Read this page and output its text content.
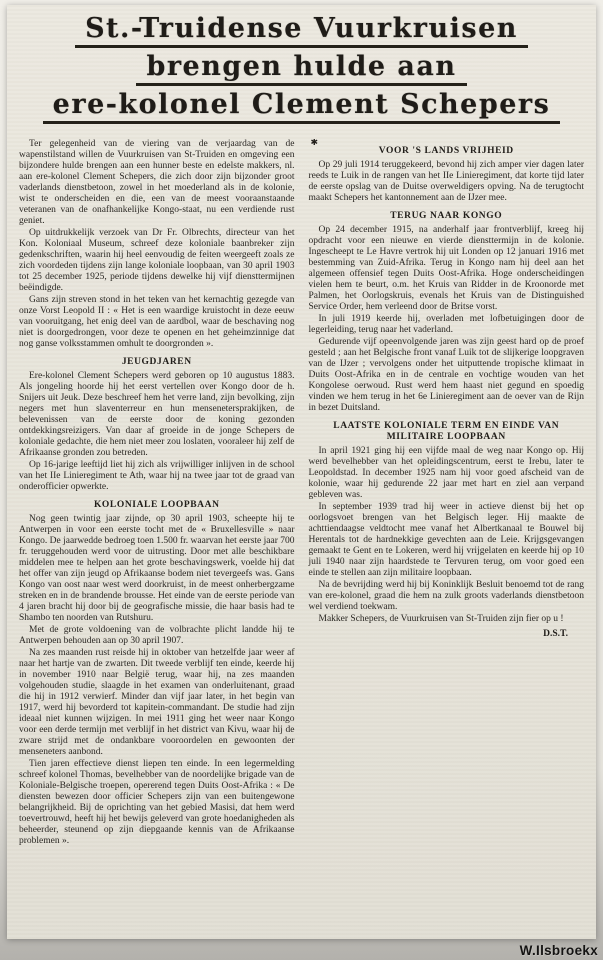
St.-Truidense Vuurkruisen
brengen hulde aan
ere-kolonel Clement Schepers

Ter gelegenheid van de viering van de verjaardag van de wapenstilstand willen de Vuurkruisen van St-Truiden en omgeving een bijzondere hulde brengen aan een hunner beste en edelste makkers, nl. aan ere-kolonel Clement Schepers, die zich door zijn bijzonder groot vaderlands dienstbetoon, zowel in het moederland als in de kolonie, wist te onderscheiden en die, een van de meest vooraanstaande veteranen van de onafhankelijke Kongo-staat, nu een verdiende rust geniet.

Op uitdrukkelijk verzoek van Dr Fr. Olbrechts, directeur van het Kon. Koloniaal Museum, schreef deze koloniale baanbreker zijn gedenkschriften, waarin hij heel eenvoudig de feiten weergeeft zoals ze zich voordeden tijdens zijn lange koloniale loopbaan, van 30 april 1903 tot 25 december 1925, periode tijdens dewelke hij vijf diensttermijnen beëindigde.

Gans zijn streven stond in het teken van het kernachtig gezegde van onze Vorst Leopold II : « Het is een waardige kruistocht in deze eeuw van vooruitgang, het enig deel van de aardbol, waar de beschaving nog niet is doorgedrongen, voor deze te openen en het geheimzinnige dat nog ganse volksstammen omhult te doorgronden ».

JEUGDJAREN

Ere-kolonel Clement Schepers werd geboren op 10 augustus 1883. Als jongeling hoorde hij het eerst vertellen over Kongo door de h. Snijers uit Jeuk. Deze beschreef hem het verre land, zijn bevolking, zijn negers met hun slaventerreur en hun mensenetersprakijken, de belevenissen van de eerste door de koning gezonden ontdekkingsreizigers. Van daar af groeide in de jonge Schepers de koloniale gedachte, die hem niet meer zou loslaten, vooraleer hij zelf de Afrikaanse gronden zou betreden.

Op 16-jarige leeftijd liet hij zich als vrijwilliger inlijven in de school van het IIe Linieregiment te Ath, waar hij na twee jaar tot de graad van onderofficier opwerkte.

KOLONIALE LOOPBAAN

Nog geen twintig jaar zijnde, op 30 april 1903, scheepte hij te Antwerpen in voor een eerste tocht met de « Bruxellesville » naar Kongo. De jaarwedde bedroeg toen 1.500 fr. waarvan het eerste jaar 700 fr. teruggehouden werd voor de uitrusting. Door met alle beschikbare middelen mee te helpen aan het grote beschavingswerk, voelde hij dat het offer van zijn jeugd op Afrikaanse bodem niet tevergeefs was. Gans Kongo van oost naar west werd doorkruist, in de meest onherbergzame streken en in de brandende brousse. Het einde van de eerste periode van 4 jaren bracht hij door bij de geografische missie, die haar basis had te Shambo ten noorden van Rutshuru.

Met de grote voldoening van de volbrachte plicht landde hij te Antwerpen behouden aan op 30 april 1907.

Na zes maanden rust reisde hij in oktober van hetzelfde jaar weer af naar het hartje van de zwarten. Dit tweede verblijf ten einde, keerde hij in november 1910 naar België terug, waar hij, na zes maanden volgehouden studie, slaagde in het examen van onderluitenant, graad die hij in 1912 verwierf. Minder dan vijf jaar later, in het begin van 1917, werd hij bevorderd tot kapitein-commandant. De studie had zijn ideaal niet kunnen wijzigen. In mei 1911 ging het weer naar Kongo voor een derde termijn met verblijf in het district van Kivu, waar hij de zware strijd met de ondankbare vooroordelen en gewoonten der menseneters aanbond.

Tien jaren effectieve dienst liepen ten einde. In een legermelding schreef kolonel Thomas, bevelhebber van de noordelijke brigade van de Koloniale-Belgische troepen, opererend tegen Duits Oost-Afrika : « De diensten bewezen door officier Schepers zijn van een buitengewone belangrijkheid. Bij de oprichting van het gebied Masisi, dat hem werd toevertrouwd, heeft hij het bewijs geleverd van grote hoedanigheden als beheerder, steunend op zijn diepgaande kennis van de Afrikaanse problemen ».

✱
VOOR 'S LANDS VRIJHEID

Op 29 juli 1914 teruggekeerd, bevond hij zich amper vier dagen later reeds te Luik in de rangen van het IIe Linieregiment, dat korte tijd later de eerste opslag van de Duitse overweldigers opving. Na de terugtocht maakt Schepers het kantonnement aan de IJzer mee.

TERUG NAAR KONGO

Op 24 december 1915, na anderhalf jaar frontverblijf, kreeg hij opdracht voor een nieuwe en vierde diensttermijn in de kolonie. Ingescheept te Le Havre vertrok hij uit Londen op 12 januari 1916 met bestemming van Zuid-Afrika. Terug in Kongo nam hij deel aan het algemeen offensief tegen Duits Oost-Afrika. Hoge onderscheidingen vielen hem te beurt, o.m. het Kruis van Ridder in de Kroonorde met Palmen, het Oorlogskruis, evenals het Kruis van de Distinguished Service Order, hem verleend door de Britse vorst.

In juli 1919 keerde hij, overladen met lofbetuigingen door de legerleiding, terug naar het vaderland.

Gedurende vijf opeenvolgende jaren was zijn geest hard op de proef gesteld ; aan het Belgische front vanaf Luik tot de slijkerige loopgraven van de IJzer ; vervolgens onder het uitputtende tropische klimaat in Duits Oost-Afrika en in de centrale en vochtige wouden van het Kongolese oerwoud. Rust werd hem haast niet gegund en spoedig vinden we hem terug in het 6e Linieregiment aan de oever van de Rijn in bezet Duitsland.

LAATSTE KOLONIALE TERM EN EINDE VAN MILITAIRE LOOPBAAN

In april 1921 ging hij een vijfde maal de weg naar Kongo op. Hij werd bevelhebber van het opleidingscentrum, eerst te Irebu, later te Leopoldstad. In december 1925 nam hij voor goed afscheid van de kolonie, waar hij gedurende 22 jaar met hart en ziel aan verpand gebleven was.

In september 1939 trad hij weer in actieve dienst bij het op oorlogsvoet brengen van het Belgisch leger. Hij maakte de achttiendaagse veldtocht mee vanaf het Albertkanaal te Bouwel bij Herentals tot de hardnekkige gevechten aan de Leie. Krijgsgevangen gemaakt te Gent en te Lokeren, werd hij vrijgelaten en keerde hij op 10 juli 1940 naar zijn haardstede te Tervuren terug, om voor goed een einde te stellen aan zijn militaire loopbaan.

Na de bevrijding werd hij bij Koninklijk Besluit benoemd tot de rang van ere-kolonel, graad die hem na zulk groots vaderlands dienstbetoon wel verdiend toekwam.

Makker Schepers, de Vuurkruisen van St-Truiden zijn fier op u !

D.S.T.

W.Ilsbroekx
